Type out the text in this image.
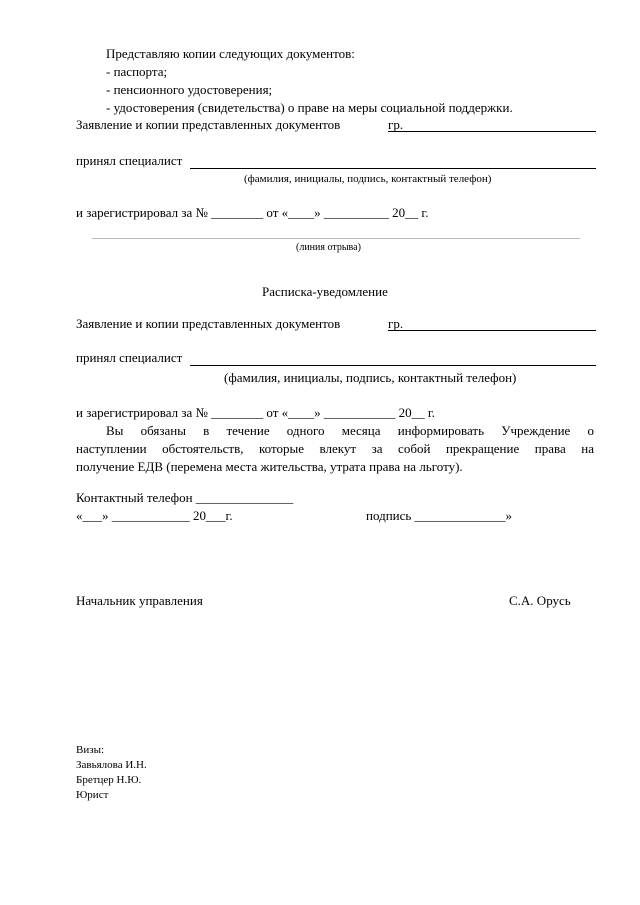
Представляю копии следующих документов:
- паспорта;
- пенсионного удостоверения;
- удостоверения (свидетельства) о праве на меры социальной поддержки.
Заявление и копии представленных документов	гр.
принял специалист
(фамилия, инициалы, подпись, контактный телефон)
и зарегистрировал за № ________ от «____» __________ 20__ г.
(линия отрыва)
Расписка-уведомление
Заявление и копии представленных документов	гр.
принял специалист
(фамилия, инициалы, подпись, контактный телефон)
и зарегистрировал за № ________ от «____» ___________ 20__ г.
Вы обязаны в течение одного месяца информировать Учреждение о
наступлении обстоятельств, которые влекут за собой прекращение права на
получение ЕДВ (перемена места жительства, утрата права на льготу).
Контактный телефон _______________
«___» ____________ 20___г.	подпись ______________»
Начальник управления	С.А. Орусь
Визы:
Завьялова И.Н.
Бретцер Н.Ю.
Юрист
